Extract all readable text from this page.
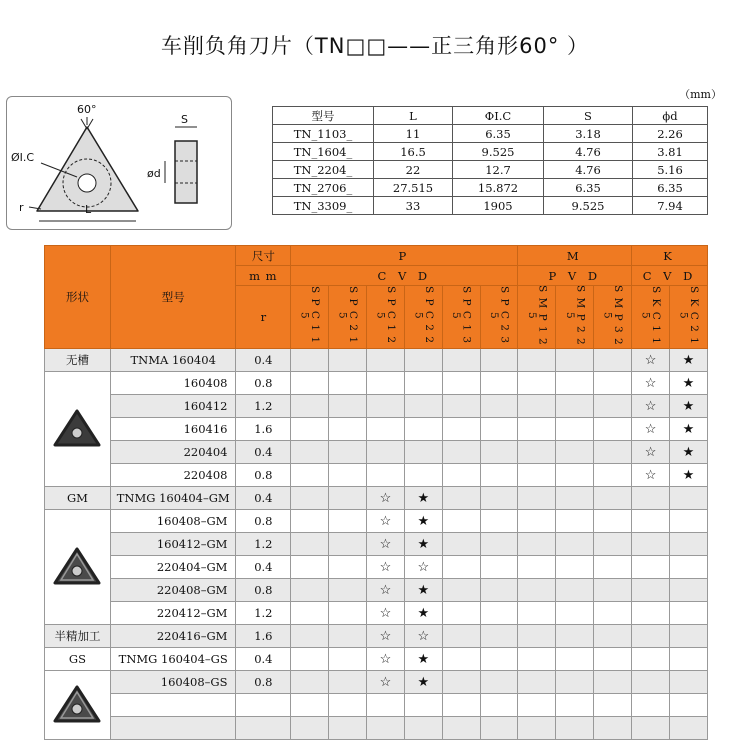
车削负角刀片（TN□□——正三角形60° ）
（mm）
60°
ØI.C
r	L
S
ød
型号	L	ΦI.C	S	ϕd
TN_1103_	11	6.35	3.18	2.26
TN_1604_	16.5	9.525	4.76	3.81
TN_2204_	22	12.7	4.76	5.16
TN_2706_	27.515	15.872	6.35	6.35
TN_3309_	33	1905	9.525	7.94
形状	型号	尺寸	P						M			K	
		m m	C V D						P V D			C V D	
		r	S P C 1 1 5	S P C 2 1 5	S P C 1 2 5	S P C 2 2 5	S P C 1 3 5	S P C 2 3 5	S M P 1 2 5	S M P 2 2 5	S M P 3 2 5	S K C 1 1 5	S K C 2 1 5
无槽	TNMA 160404	0.4										☆	★

	160408	0.8										☆	★
	160412	1.2										☆	★
	160416	1.6										☆	★
	220404	0.4										☆	★
	220408	0.8										☆	★
GM	TNMG 160404–GM	0.4			☆	★							

	160408–GM	0.8			☆	★							
	160412–GM	1.2			☆	★							
	220404–GM	0.4			☆	☆							
	220408–GM	0.8			☆	★							
	220412–GM	1.2			☆	★							
半精加工	220416–GM	1.6			☆	☆							
GS	TNMG 160404–GS	0.4			☆	★							

	160408–GS	0.8			☆	★							
